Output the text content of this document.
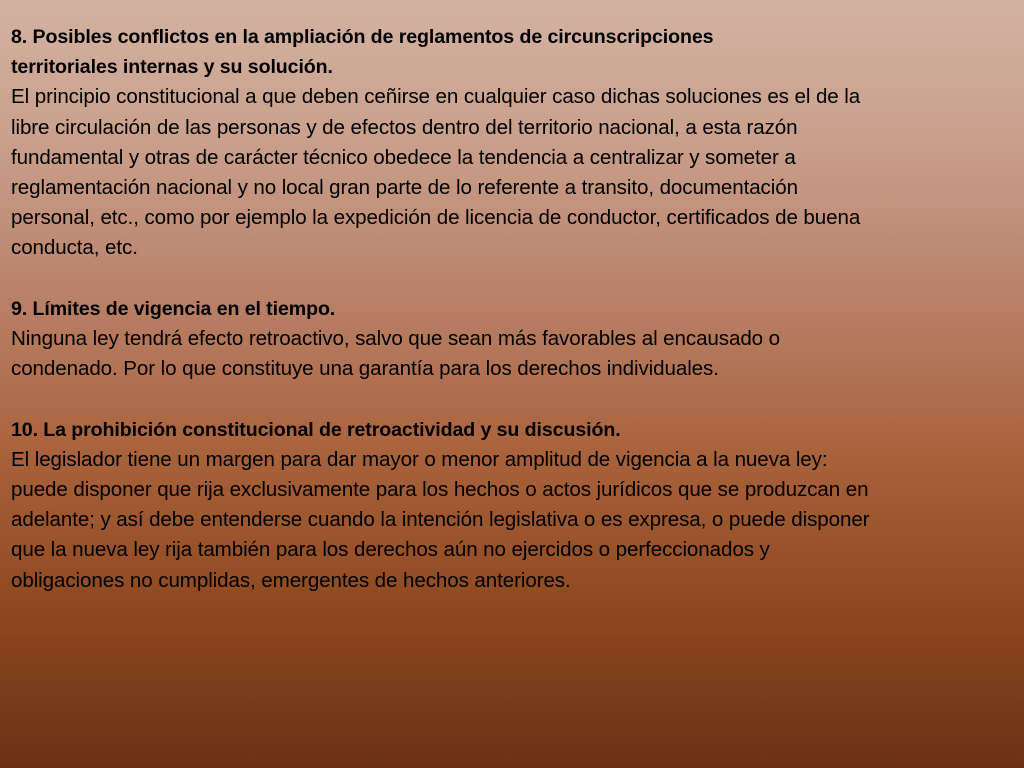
8. Posibles conflictos en la ampliación de reglamentos de circunscripciones
territoriales internas y su solución.
El principio constitucional a que deben ceñirse en cualquier caso dichas soluciones es el de la
libre circulación de las personas y de efectos dentro del territorio nacional, a esta razón
fundamental y otras de carácter técnico obedece la tendencia a centralizar y someter a
reglamentación nacional y no local gran parte de lo referente a transito, documentación
personal, etc., como por ejemplo la expedición de licencia de conductor, certificados de buena
conducta, etc.
9. Límites de vigencia en el tiempo.
Ninguna ley tendrá efecto retroactivo, salvo que sean más favorables al encausado o
condenado. Por lo que constituye una garantía para los derechos individuales.
10. La prohibición constitucional de retroactividad y su discusión.
El legislador tiene un margen para dar mayor o menor amplitud de vigencia a la nueva ley:
puede disponer que rija exclusivamente para los hechos o actos jurídicos que se produzcan en
adelante; y así debe entenderse cuando la intención legislativa o es expresa, o puede disponer
que la nueva ley rija también para los derechos aún no ejercidos o perfeccionados y
obligaciones no cumplidas, emergentes de hechos anteriores.
